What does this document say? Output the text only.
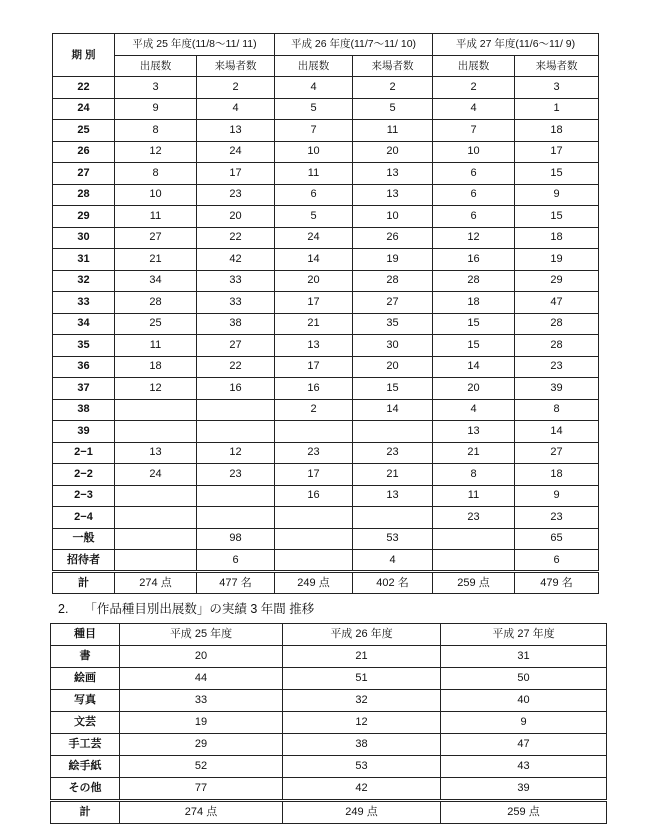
期 別	平成 25 年度(11/8～11/ 11)		平成 26 年度(11/7～11/ 10)		平成 27 年度(11/6～11/ 9)	
	出展数	来場者数	出展数	来場者数	出展数	来場者数
22	3	2	4	2	2	3
24	9	4	5	5	4	1
25	8	13	7	11	7	18
26	12	24	10	20	10	17
27	8	17	11	13	6	15
28	10	23	6	13	6	9
29	11	20	5	10	6	15
30	27	22	24	26	12	18
31	21	42	14	19	16	19
32	34	33	20	28	28	29
33	28	33	17	27	18	47
34	25	38	21	35	15	28
35	11	27	13	30	15	28
36	18	22	17	20	14	23
37	12	16	16	15	20	39
38			2	14	4	8
39					13	14
2−1	13	12	23	23	21	27
2−2	24	23	17	21	8	18
2−3			16	13	11	9
2−4					23	23
一般		98		53		65
招待者		6		4		6
計	274 点	477 名	249 点	402 名	259 点	479 名
2.　 「作品種目別出展数」の実績 3 年間 推移
種目	平成 25 年度	平成 26 年度	平成 27 年度
書	20	21	31
絵画	44	51	50
写真	33	32	40
文芸	19	12	9
手工芸	29	38	47
絵手紙	52	53	43
その他	77	42	39
計	274 点	249 点	259 点
